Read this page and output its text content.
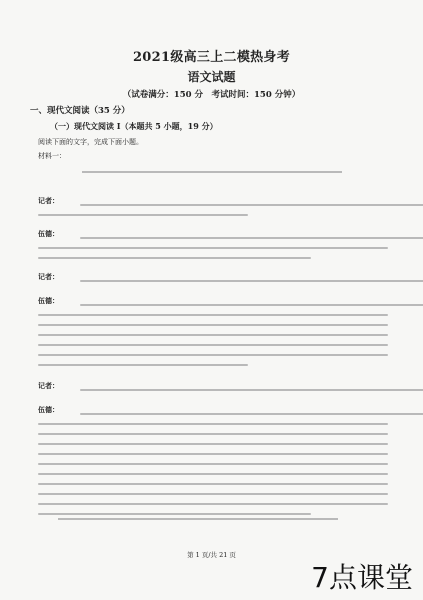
2021级高三上二模热身考
语文试题
（试卷满分：150 分　考试时间：150 分钟）
一、现代文阅读（35 分）
（一）现代文阅读 I（本题共 5 小题，19 分）
阅读下面的文字，完成下面小题。
材料一：
记者：
伍德：
记者：
伍德：
记者：
伍德：
第 1 页/共 21 页
7点课堂
